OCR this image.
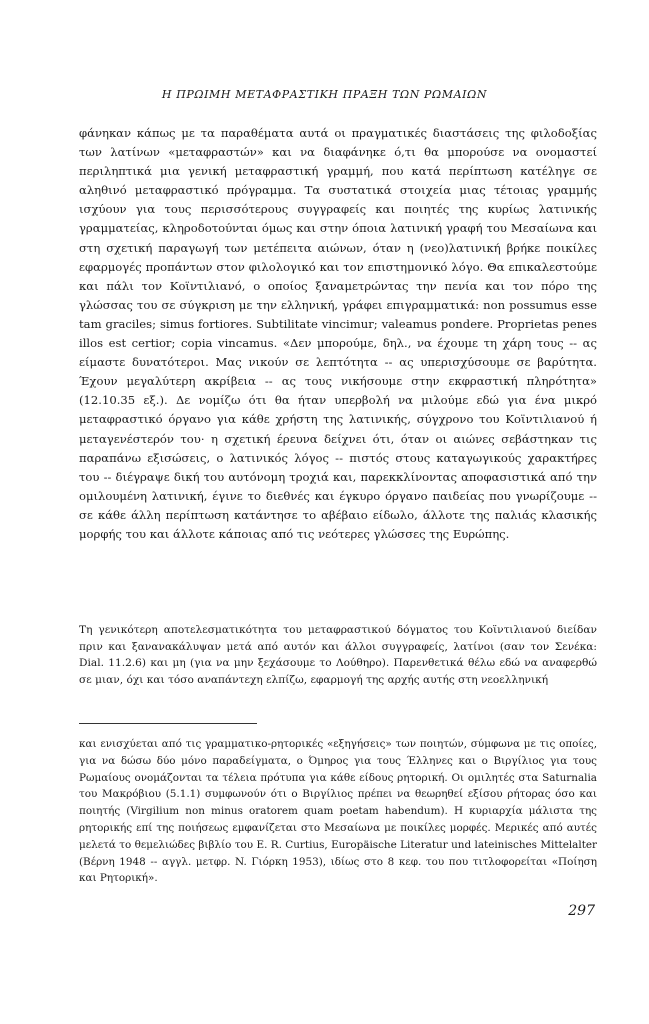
Η ΠΡΩΙΜΗ ΜΕΤΑΦΡΑΣΤΙΚΗ ΠΡΑΞΗ ΤΩΝ ΡΩΜΑΙΩΝ

φάνηκαν κάπως με τα παραθέματα αυτά οι πραγματικές διαστάσεις της φιλοδοξίας των λατίνων «μεταφραστών» και να διαφάνηκε ό,τι θα μπορούσε να ονομαστεί περιληπτικά μια γενική μεταφραστική γραμμή, που κατά περίπτωση κατέληγε σε αληθινό μεταφραστικό πρόγραμμα. Τα συστατικά στοιχεία μιας τέτοιας γραμμής ισχύουν για τους περισσότερους συγγραφείς και ποιητές της κυρίως λατινικής γραμματείας, κληροδοτούνται όμως και στην όποια λατινική γραφή του Μεσαίωνα και στη σχετική παραγωγή των μετέπειτα αιώνων, όταν η (νεο)λατινική βρήκε ποικίλες εφαρμογές προπάντων στον φιλολογικό και τον επιστημονικό λόγο. Θα επικαλεστούμε και πάλι τον Κοϊντιλιανό, ο οποίος ξαναμετρώντας την πενία και τον πόρο της γλώσσας του σε σύγκριση με την ελληνική, γράφει επιγραμματικά: non possumus esse tam graciles; simus fortiores. Subtilitate vincimur; valeamus pondere. Proprietas penes illos est certior; copia vincamus. «Δεν μπορούμε, δηλ., να έχουμε τη χάρη τους -- ας είμαστε δυνατότεροι. Μας νικούν σε λεπτότητα -- ας υπερισχύσουμε σε βαρύτητα. Έχουν μεγαλύτερη ακρίβεια -- ας τους νικήσουμε στην εκφραστική πληρότητα» (12.10.35 εξ.). Δε νομίζω ότι θα ήταν υπερβολή να μιλούμε εδώ για ένα μικρό μεταφραστικό όργανο για κάθε χρήστη της λατινικής, σύγχρονο του Κοϊντιλιανού ή μεταγενέστερόν του· η σχετική έρευνα δείχνει ότι, όταν οι αιώνες σεβάστηκαν τις παραπάνω εξισώσεις, ο λατινικός λόγος -- πιστός στους καταγωγικούς χαρακτήρες του -- διέγραψε δική του αυτόνομη τροχιά και, παρεκκλίνοντας αποφασιστικά από την ομιλουμένη λατινική, έγινε το διεθνές και έγκυρο όργανο παιδείας που γνωρίζουμε -- σε κάθε άλλη περίπτωση κατάντησε το αβέβαιο είδωλο, άλλοτε της παλιάς κλασικής μορφής του και άλλοτε κάποιας από τις νεότερες γλώσσες της Ευρώπης.

Τη γενικότερη αποτελεσματικότητα του μεταφραστικού δόγματος του Κοϊντιλιανού διείδαν πριν και ξανανακάλυψαν μετά από αυτόν και άλλοι συγγραφείς, λατίνοι (σαν τον Σενέκα: Dial. 11.2.6) και μη (για να μην ξεχάσουμε το Λούθηρο). Παρενθετικά θέλω εδώ να αναφερθώ σε μιαν, όχι και τόσο αναπάντεχη ελπίζω, εφαρμογή της αρχής αυτής στη νεοελληνική

και ενισχύεται από τις γραμματικο-ρητορικές «εξηγήσεις» των ποιητών, σύμφωνα με τις οποίες, για να δώσω δύο μόνο παραδείγματα, ο Όμηρος για τους Έλληνες και ο Βιργίλιος για τους Ρωμαίους ονομάζονται τα τέλεια πρότυπα για κάθε είδους ρητορική. Οι ομιλητές στα Saturnalia του Μακρόβιου (5.1.1) συμφωνούν ότι ο Βιργίλιος πρέπει να θεωρηθεί εξίσου ρήτορας όσο και ποιητής (Virgilium non minus oratorem quam poetam habendum). Η κυριαρχία μάλιστα της ρητορικής επί της ποιήσεως εμφανίζεται στο Μεσαίωνα με ποικίλες μορφές. Μερικές από αυτές μελετά το θεμελιώδες βιβλίο του E. R. Curtius, Europäische Literatur und lateinisches Mittelalter (Βέρνη 1948 -- αγγλ. μετφρ. N. Γιόρκη 1953), ιδίως στο 8 κεφ. του που τιτλοφορείται «Ποίηση και Ρητορική».

297
